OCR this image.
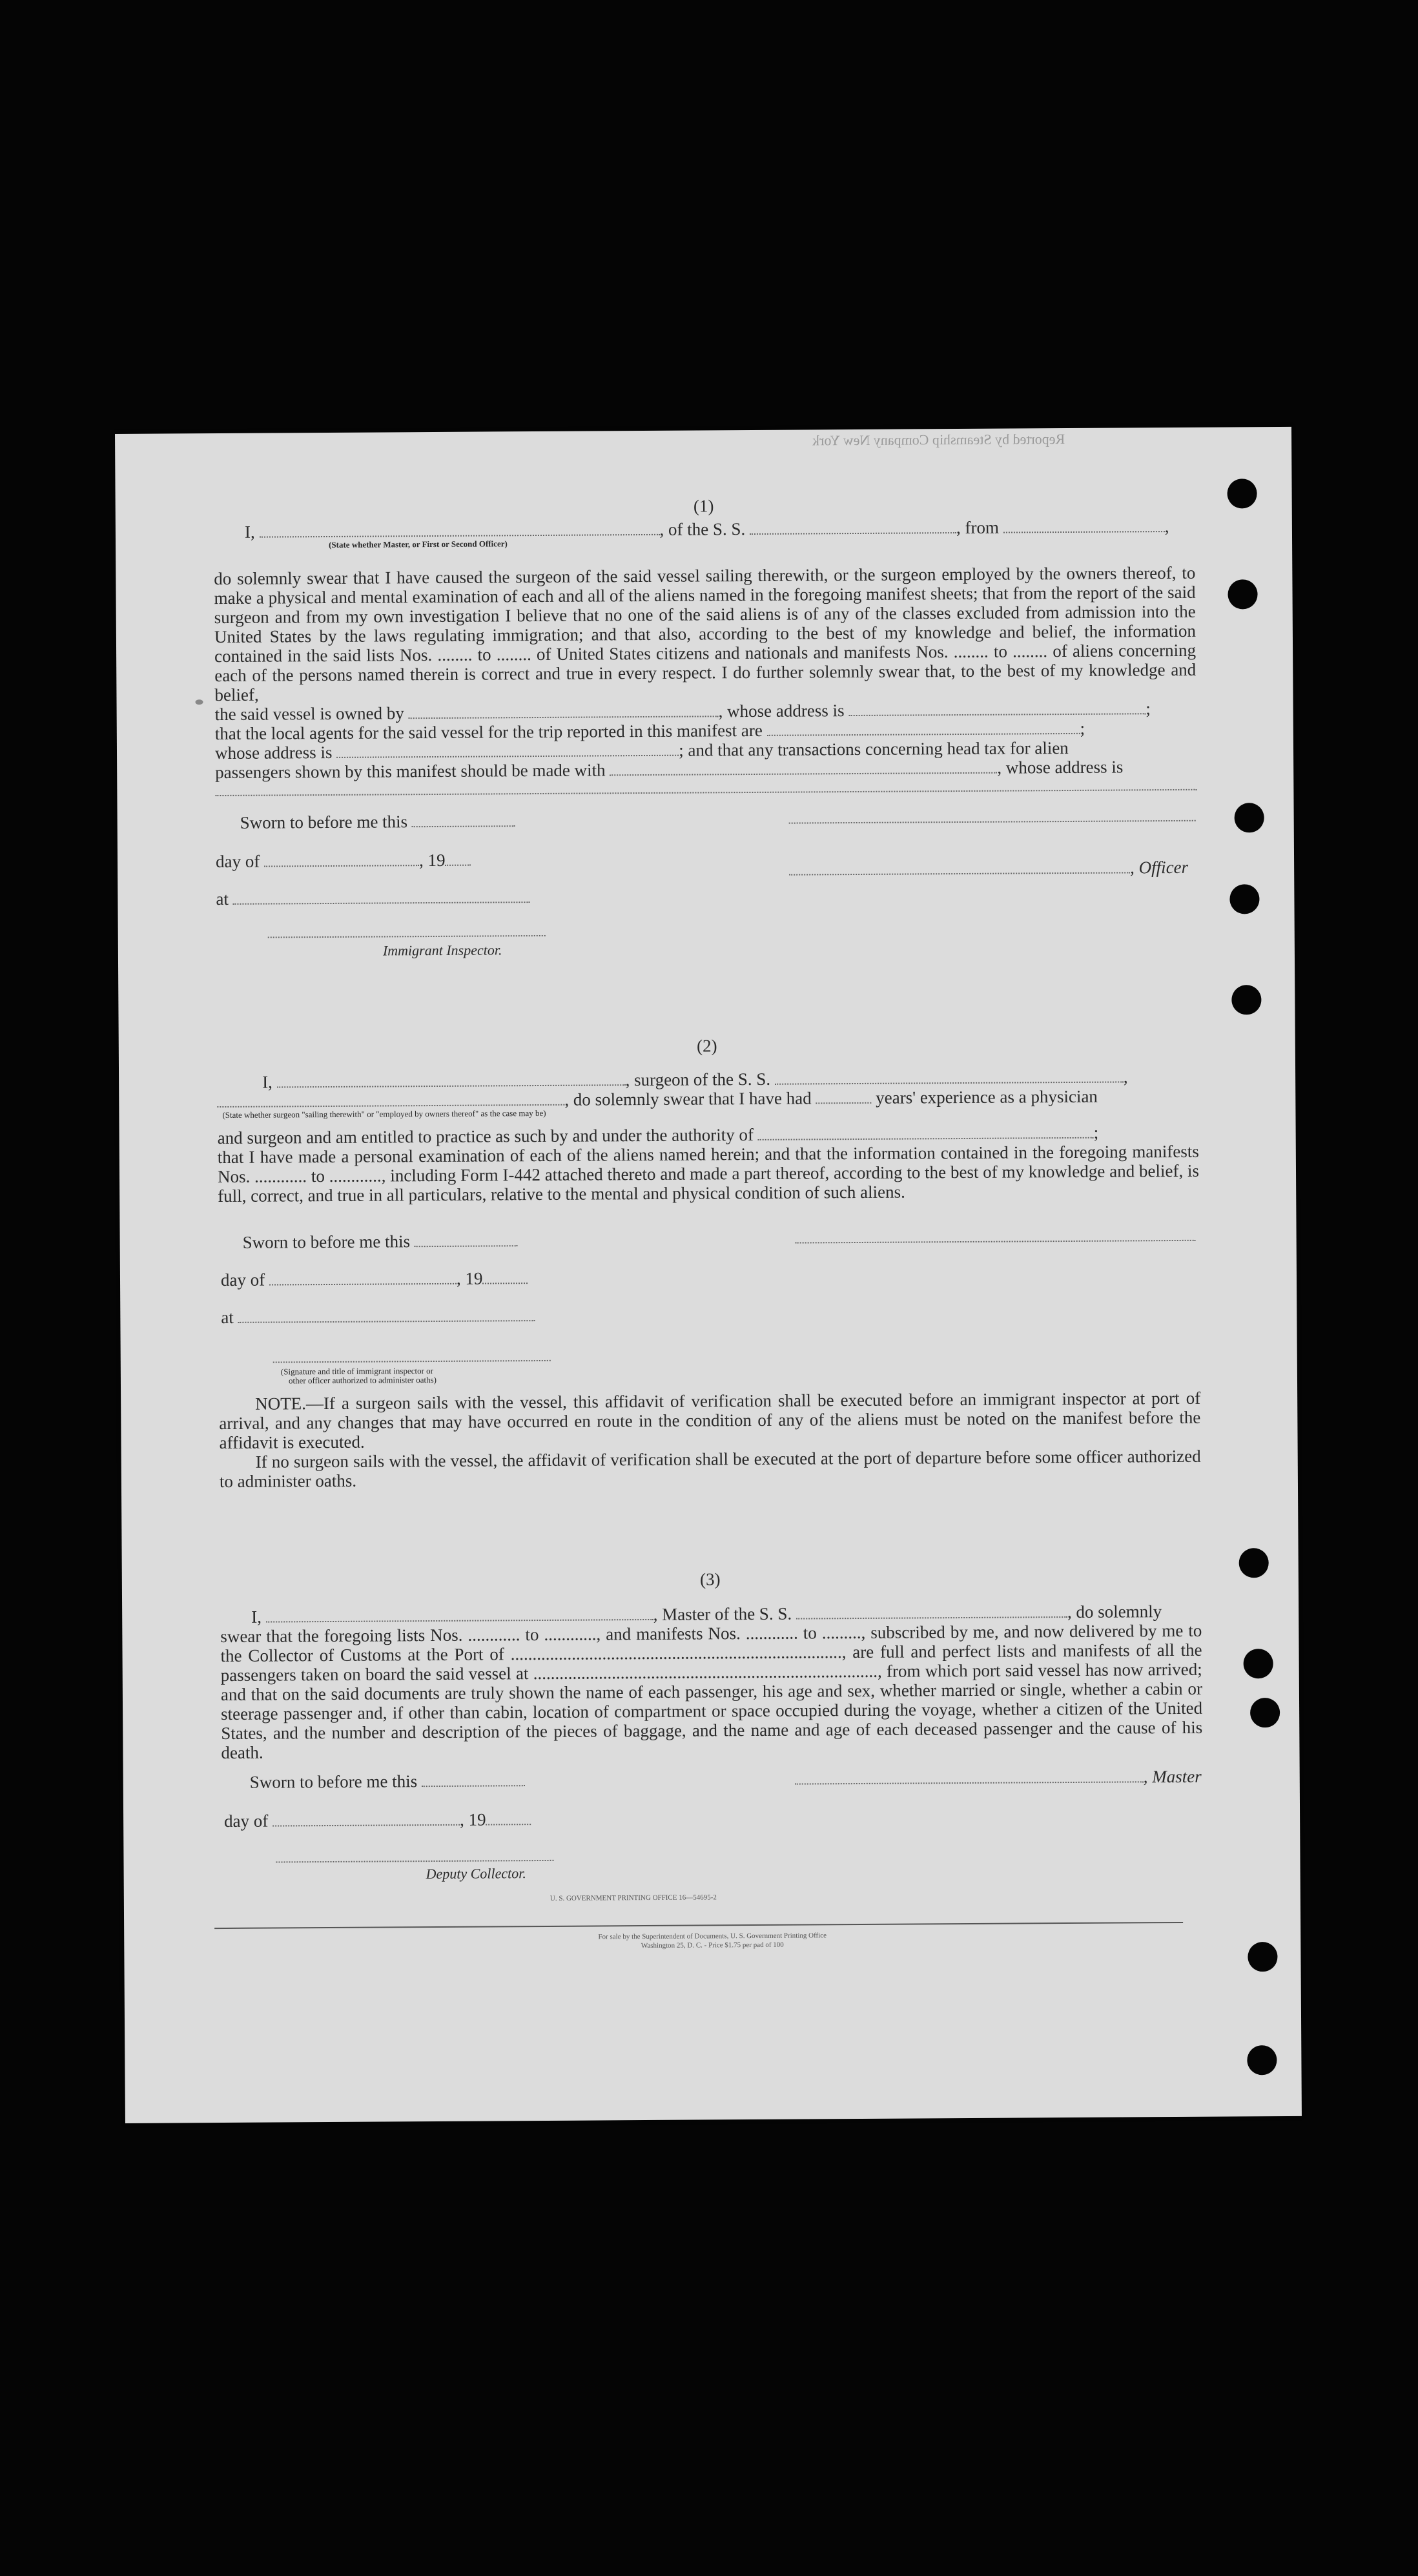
Reported by Steamship Company New York
(1)
I,	, of the S. S.	, from	,
(State whether Master, or First or Second Officer)
do solemnly swear that I have caused the surgeon of the said vessel sailing therewith, or the surgeon employed by the owners thereof, to make a physical and mental examination of each and all of the aliens named in the foregoing manifest sheets; that from the report of the said surgeon and from my own investigation I believe that no one of the said aliens is of any of the classes excluded from admission into the United States by the laws regulating immigration; and that also, according to the best of my knowledge and belief, the information contained in the said lists Nos. ........ to ........ of United States citizens and nationals and manifests Nos. ........ to ........ of aliens concerning each of the persons named therein is correct and true in every respect. I do further solemnly swear that, to the best of my knowledge and belief,
the said vessel is owned by	, whose address is	;
that the local agents for the said vessel for the trip reported in this manifest are	;
whose address is	; and that any transactions concerning head tax for alien
passengers shown by this manifest should be made with	, whose address is
Sworn to before me this
day of	, 19	, Officer
at
Immigrant Inspector.
(2)
I,	, surgeon of the S. S.	,
, do solemnly swear that I have had	years' experience as a physician
(State whether surgeon "sailing therewith" or "employed by owners thereof" as the case may be)
and surgeon and am entitled to practice as such by and under the authority of	;
that I have made a personal examination of each of the aliens named herein; and that the information contained in the foregoing manifests Nos. ............ to ............, including Form I-442 attached thereto and made a part thereof, according to the best of my knowledge and belief, is full, correct, and true in all particulars, relative to the mental and physical condition of such aliens.
Sworn to before me this
day of	, 19
at
(Signature and title of immigrant inspector or
other officer authorized to administer oaths)
NOTE.—If a surgeon sails with the vessel, this affidavit of verification shall be executed before an immigrant inspector at port of arrival, and any changes that may have occurred en route in the condition of any of the aliens must be noted on the manifest before the affidavit is executed.
If no surgeon sails with the vessel, the affidavit of verification shall be executed at the port of departure before some officer authorized to administer oaths.
(3)
I,	, Master of the S. S.	, do solemnly
swear that the foregoing lists Nos. ............ to ............, and manifests Nos. ............ to ........., subscribed by me, and now delivered by me to the Collector of Customs at the Port of ............................................................................, are full and perfect lists and manifests of all the passengers taken on board the said vessel at ..............................................................................., from which port said vessel has now arrived; and that on the said documents are truly shown the name of each passenger, his age and sex, whether married or single, whether a cabin or steerage passenger and, if other than cabin, location of compartment or space occupied during the voyage, whether a citizen of the United States, and the number and description of the pieces of baggage, and the name and age of each deceased passenger and the cause of his death.
Sworn to before me this	, Master
day of	, 19
Deputy Collector.
U. S. GOVERNMENT PRINTING OFFICE 16—54695-2
For sale by the Superintendent of Documents, U. S. Government Printing Office
Washington 25, D. C. - Price $1.75 per pad of 100
